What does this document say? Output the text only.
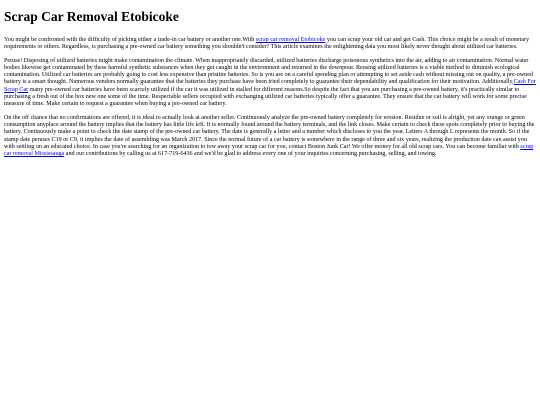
Scrap Car Removal Etobicoke

You might be confronted with the difficulty of picking either a trade-in car battery or another one.With scrap car removal Etobicoke you can scrap your old car and get Cash. This choice might be a result of monetary requirements or others. Regardless, is purchasing a pre-owned car battery something you shouldn't consider? This article examines the enlightening data you most likely never thought about utilized car batteries.

Peruse! Disposing of utilized batteries might make contamination the climate. When inappropriately discarded, utilized batteries discharge poisonous synthetics into the air, adding to air contamination. Normal water bodies likewise get contaminated by these harmful synthetic substances when they get caught in the environment and returned in the downpour. Reusing utilized batteries is a viable method to diminish ecological contamination. Utilized car batteries are probably going to cost less expensive than pristine batteries. So is you are on a careful spending plan or attempting to set aside cash without missing out on quality, a pre-owned battery is a smart thought. Numerous vendors normally guarantee that the batteries they purchase have been tried completely to guarantee their dependability and qualification for their motivation. Additionally,Cash For Scrap Car many pre-owned car batteries have been scarcely utilized if the car it was utilized in stalled for different reasons.So despite the fact that you are purchasing a pre-owned battery, it's practically similar to purchasing a fresh out of the box new one some of the time. Respectable sellers occupied with exchanging utilized car batteries typically offer a guarantee. They ensure that the car battery will work for some precise measure of time. Make certain to request a guarantee when buying a pre-owned car battery.

On the off chance that no confirmations are offered, it is ideal to actually look at another seller. Continuously analyze the pre-owned battery completely for erosion. Residue or soil is alright, yet any orange or green consumption anyplace around the battery implies that the battery has little life left. It is normally found around the battery terminals, and the link closes. Make certain to check these spots completely prior to buying the battery. Continuously make a point to check the date stamp of the pre-owned car battery. The date is generally a letter and a number which discloses to you the year. Letters A through L represents the month. So if the stamp date peruses C19 or C9, it implies the date of assembling was March 2017. Since the normal future of a car battery is somewhere in the range of three and six years, realizing the production date can assist you with settling on an educated choice. In case you're searching for an organization to tow away your scrap car for you, contact Boston Junk Car! We offer money for all old scrap cars. You can become familiar with scrap car removal Mississauga and our contributions by calling us at 617-719-6436 and we'd be glad to address every one of your inquiries concerning purchasing, selling, and towing.
